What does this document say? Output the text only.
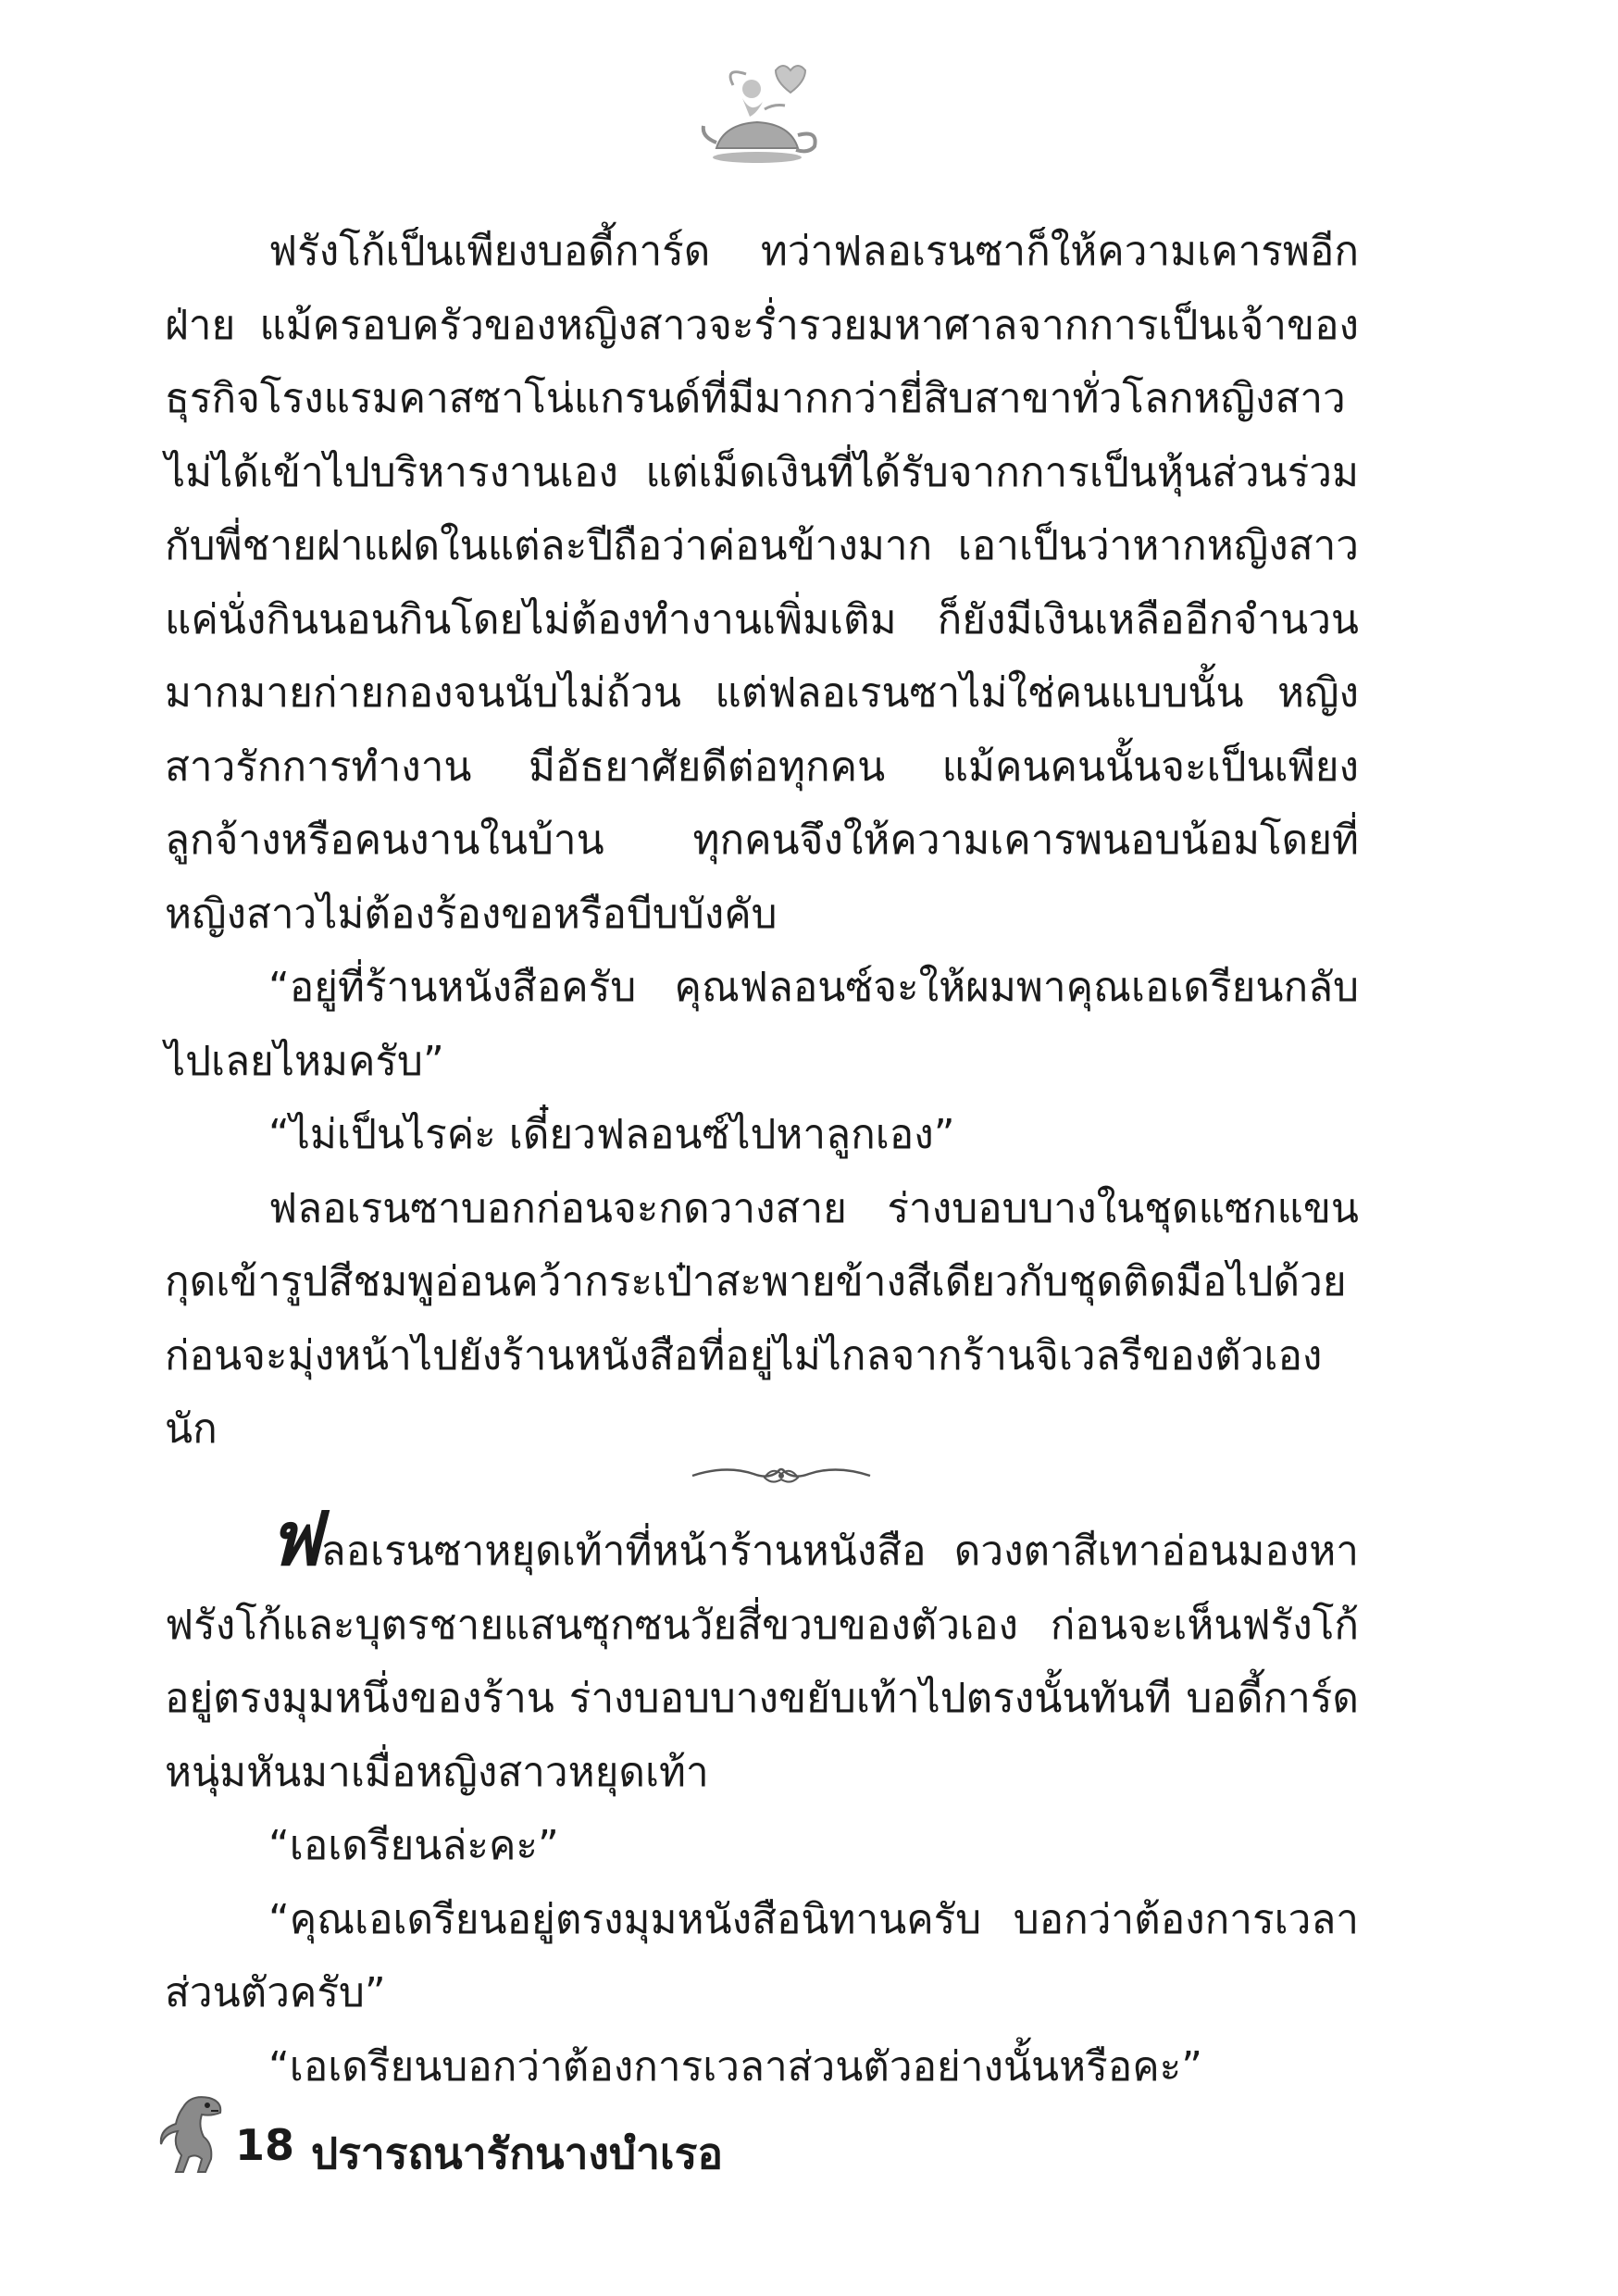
ฟรังโก้เป็นเพียงบอดี้การ์ด ทว่าฟลอเรนซาก็ให้ความเคารพอีกฝ่าย แม้ครอบครัวของหญิงสาวจะร่ำรวยมหาศาลจากการเป็นเจ้าของธุรกิจโรงแรมคาสซาโน่แกรนด์ที่มีมากกว่ายี่สิบสาขาทั่วโลกหญิงสาวไม่ได้เข้าไปบริหารงานเอง แต่เม็ดเงินที่ได้รับจากการเป็นหุ้นส่วนร่วมกับพี่ชายฝาแฝดในแต่ละปีถือว่าค่อนข้างมาก เอาเป็นว่าหากหญิงสาวแค่นั่งกินนอนกินโดยไม่ต้องทำงานเพิ่มเติม ก็ยังมีเงินเหลืออีกจำนวนมากมายก่ายกองจนนับไม่ถ้วน แต่ฟลอเรนซาไม่ใช่คนแบบนั้น หญิงสาวรักการทำงาน มีอัธยาศัยดีต่อทุกคน แม้คนคนนั้นจะเป็นเพียงลูกจ้างหรือคนงานในบ้าน ทุกคนจึงให้ความเคารพนอบน้อมโดยที่หญิงสาวไม่ต้องร้องขอหรือบีบบังคับ

“อยู่ที่ร้านหนังสือครับ คุณฟลอนซ์จะให้ผมพาคุณเอเดรียนกลับไปเลยไหมครับ”

“ไม่เป็นไรค่ะ เดี๋ยวฟลอนซ์ไปหาลูกเอง”

ฟลอเรนซาบอกก่อนจะกดวางสาย ร่างบอบบางในชุดแซกแขนกุดเข้ารูปสีชมพูอ่อนคว้ากระเป๋าสะพายข้างสีเดียวกับชุดติดมือไปด้วยก่อนจะมุ่งหน้าไปยังร้านหนังสือที่อยู่ไม่ไกลจากร้านจิเวลรีของตัวเองนัก

ฟลอเรนซาหยุดเท้าที่หน้าร้านหนังสือ ดวงตาสีเทาอ่อนมองหาฟรังโก้และบุตรชายแสนซุกซนวัยสี่ขวบของตัวเอง ก่อนจะเห็นฟรังโก้อยู่ตรงมุมหนึ่งของร้าน ร่างบอบบางขยับเท้าไปตรงนั้นทันที บอดี้การ์ดหนุ่มหันมาเมื่อหญิงสาวหยุดเท้า

“เอเดรียนล่ะคะ”

“คุณเอเดรียนอยู่ตรงมุมหนังสือนิทานครับ บอกว่าต้องการเวลาส่วนตัวครับ”

“เอเดรียนบอกว่าต้องการเวลาส่วนตัวอย่างนั้นหรือคะ”

18 ปรารถนารักนางบำเรอ
